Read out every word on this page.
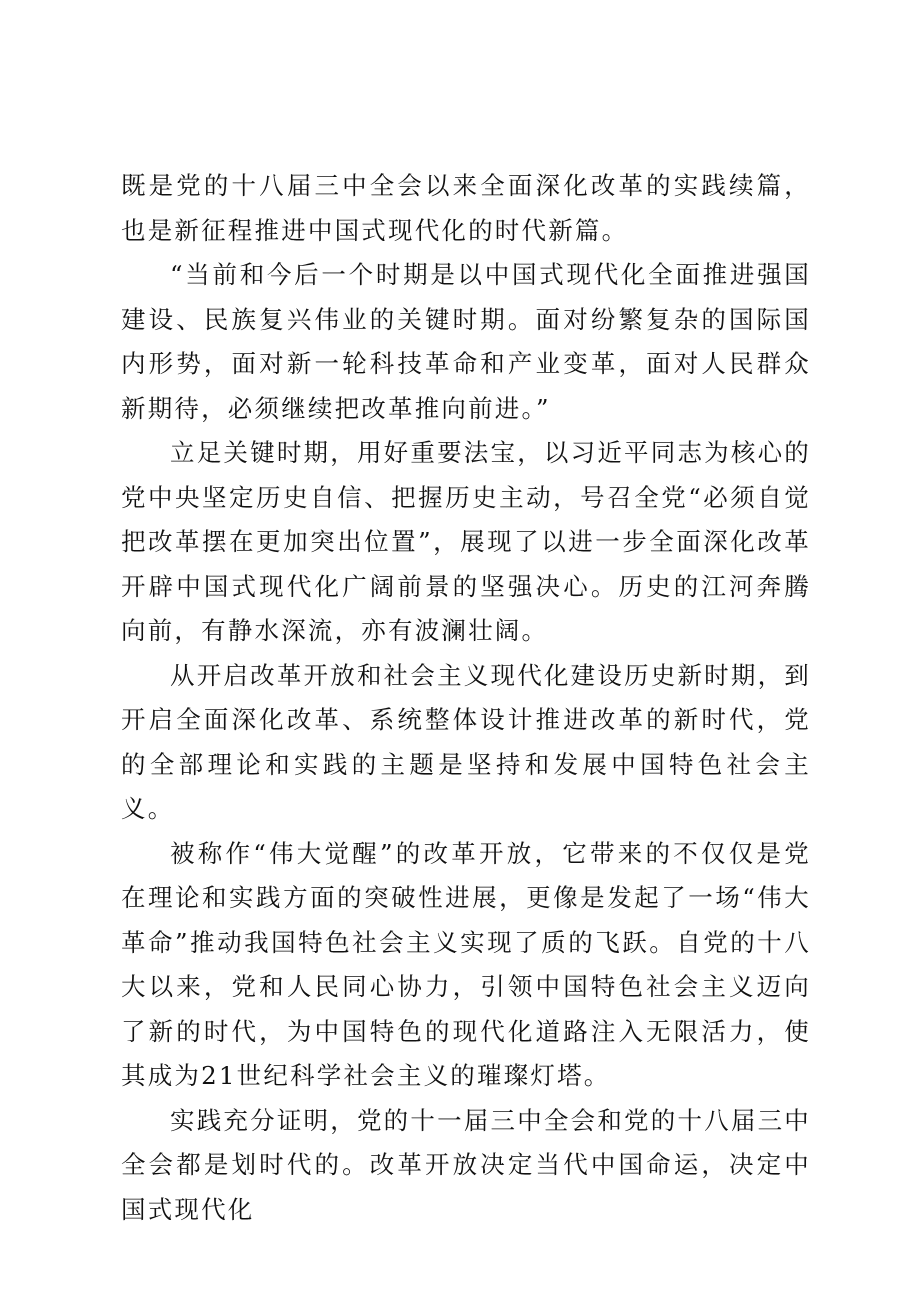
既是党的十八届三中全会以来全面深化改革的实践续篇，也是新征程推进中国式现代化的时代新篇。

“当前和今后一个时期是以中国式现代化全面推进强国建设、民族复兴伟业的关键时期。面对纷繁复杂的国际国内形势，面对新一轮科技革命和产业变革，面对人民群众新期待，必须继续把改革推向前进。”

立足关键时期，用好重要法宝，以习近平同志为核心的党中央坚定历史自信、把握历史主动，号召全党“必须自觉把改革摆在更加突出位置”，展现了以进一步全面深化改革开辟中国式现代化广阔前景的坚强决心。历史的江河奔腾向前，有静水深流，亦有波澜壮阔。

从开启改革开放和社会主义现代化建设历史新时期，到开启全面深化改革、系统整体设计推进改革的新时代，党的全部理论和实践的主题是坚持和发展中国特色社会主义。

被称作“伟大觉醒”的改革开放，它带来的不仅仅是党在理论和实践方面的突破性进展，更像是发起了一场“伟大革命”推动我国特色社会主义实现了质的飞跃。自党的十八大以来，党和人民同心协力，引领中国特色社会主义迈向了新的时代，为中国特色的现代化道路注入无限活力，使其成为21世纪科学社会主义的璀璨灯塔。

实践充分证明，党的十一届三中全会和党的十八届三中全会都是划时代的。改革开放决定当代中国命运，决定中国式现代化
